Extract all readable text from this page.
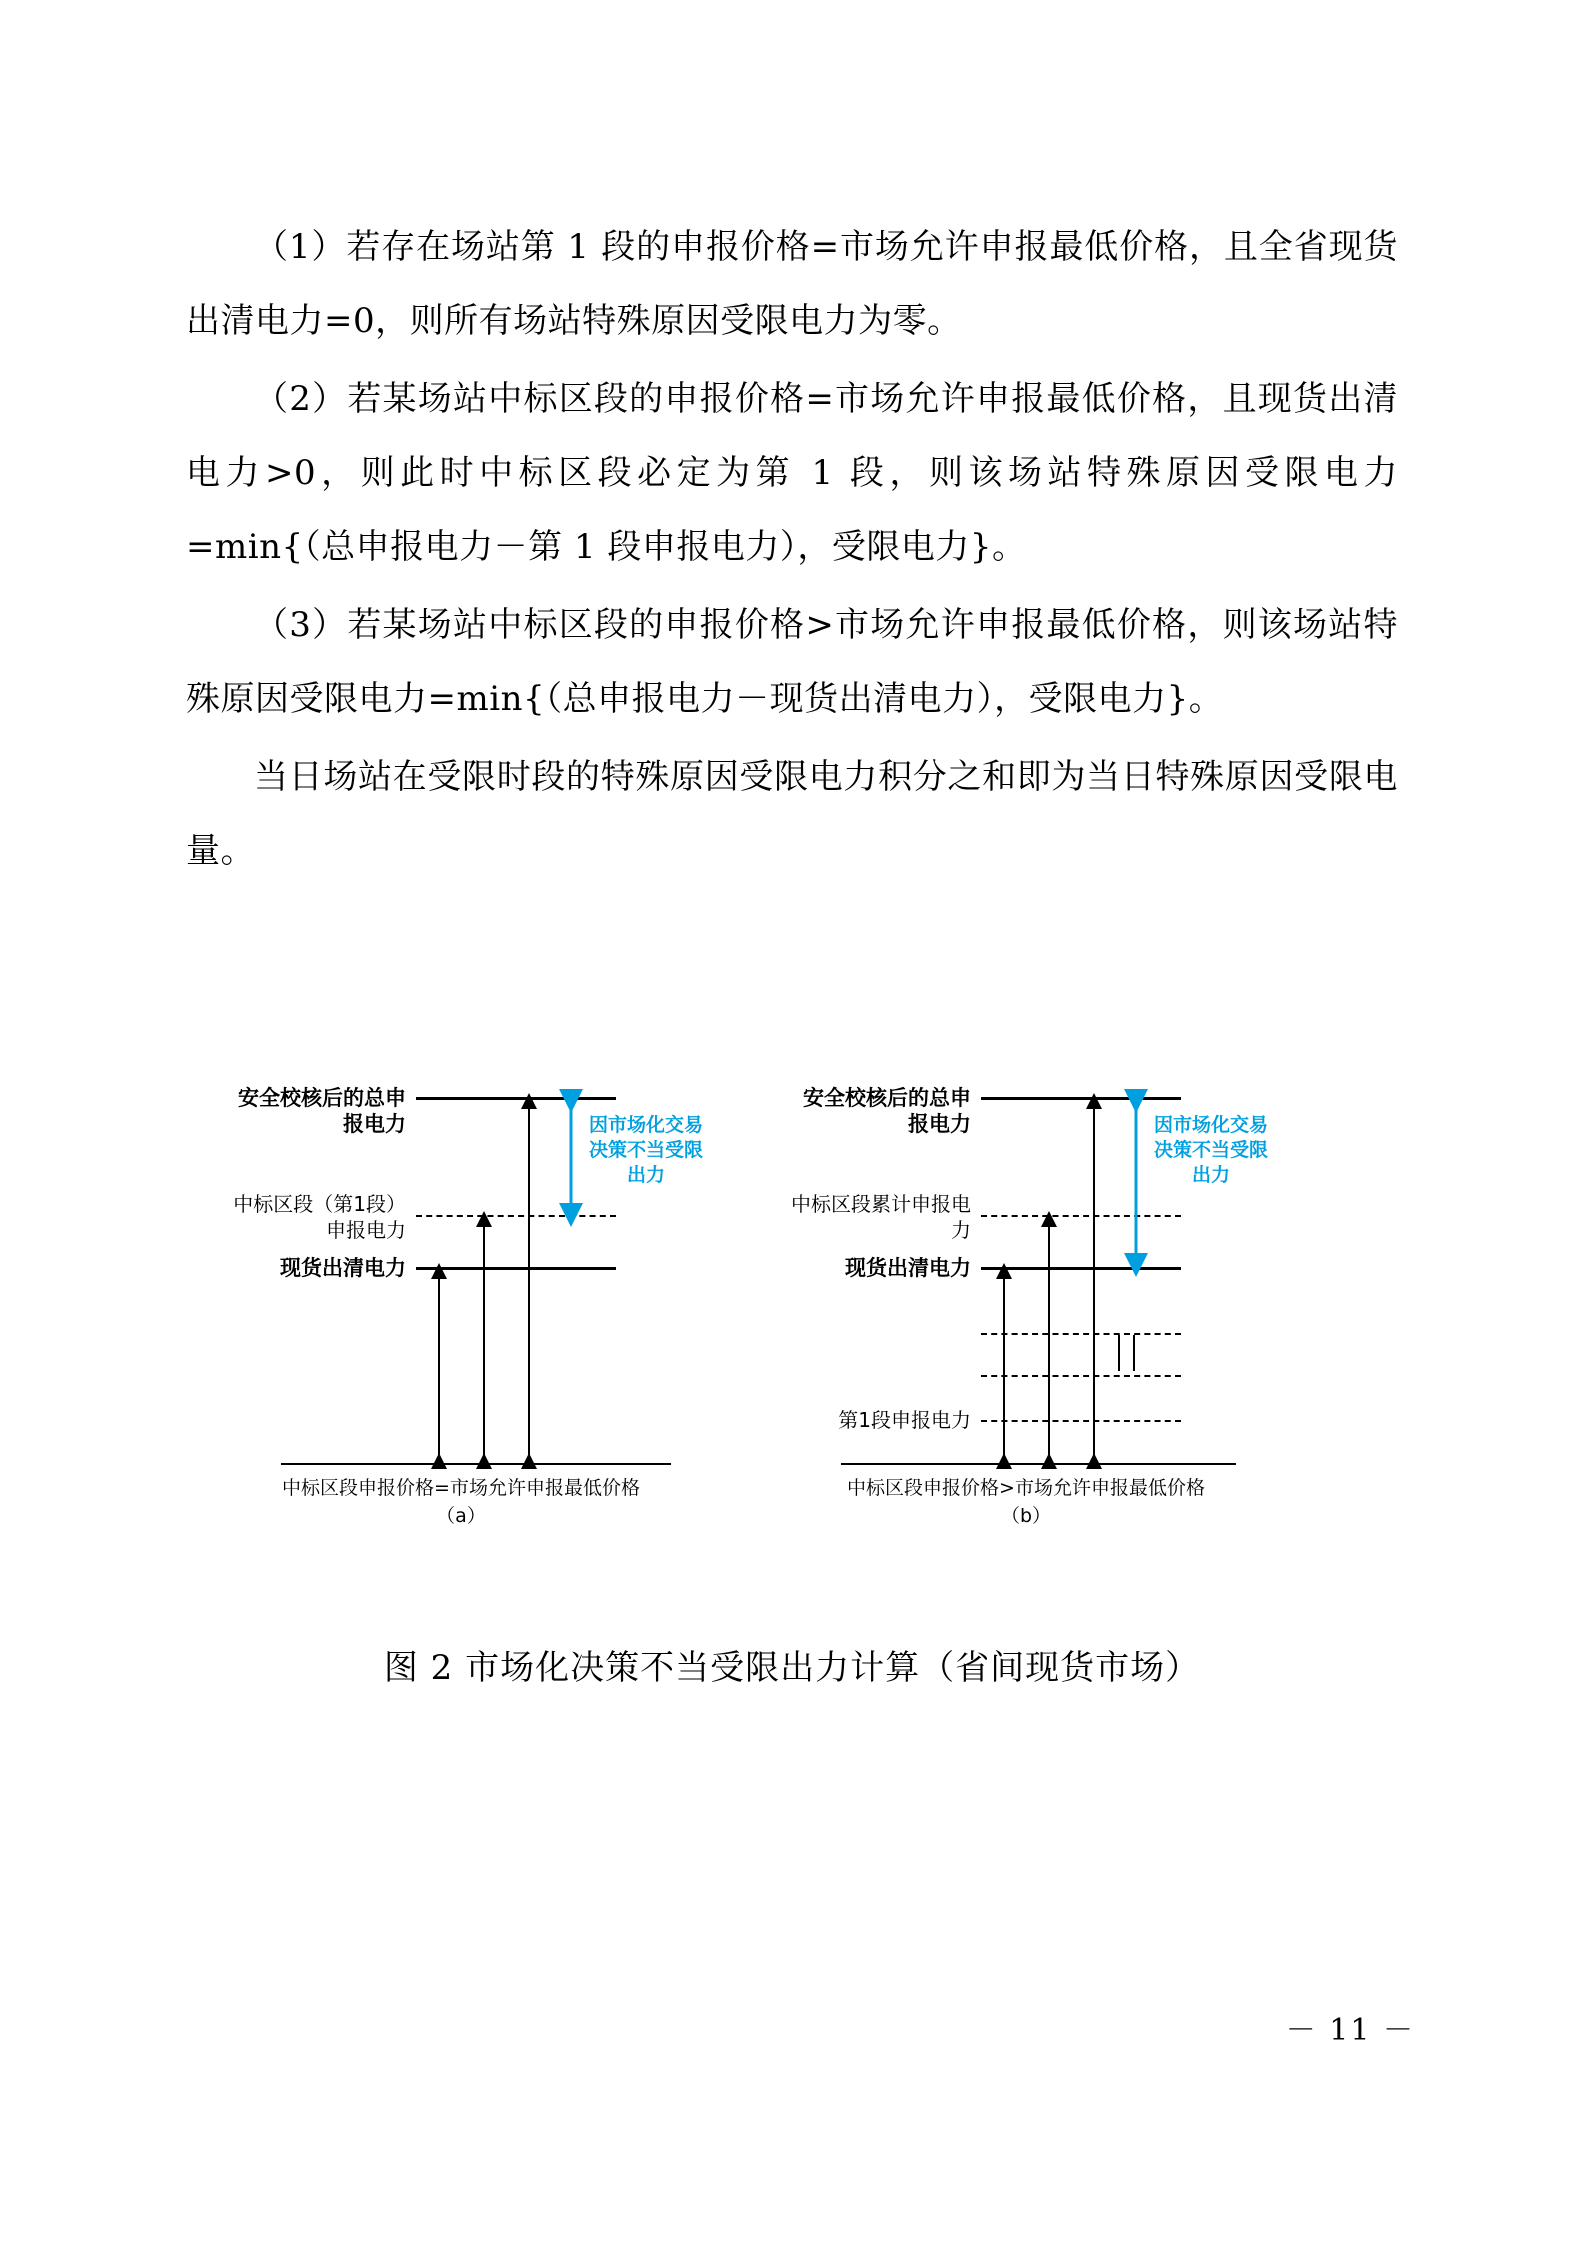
（1）若存在场站第 1 段的申报价格=市场允许申报最低价格，且全省现货出清电力=0，则所有场站特殊原因受限电力为零。

（2）若某场站中标区段的申报价格=市场允许申报最低价格，且现货出清电力>0，则此时中标区段必定为第 1 段，则该场站特殊原因受限电力=min{（总申报电力－第 1 段申报电力），受限电力}。

（3）若某场站中标区段的申报价格>市场允许申报最低价格，则该场站特殊原因受限电力=min{（总申报电力－现货出清电力），受限电力}。

当日场站在受限时段的特殊原因受限电力积分之和即为当日特殊原因受限电量。

安全校核后的总申报电力
中标区段（第1段）申报电力
现货出清电力
因市场化交易决策不当受限出力
中标区段申报价格=市场允许申报最低价格
（a）
安全校核后的总申报电力
中标区段累计申报电力
现货出清电力
第1段申报电力
因市场化交易决策不当受限出力
中标区段申报价格>市场允许申报最低价格
（b）
图 2 市场化决策不当受限出力计算（省间现货市场）
－ 11 －
